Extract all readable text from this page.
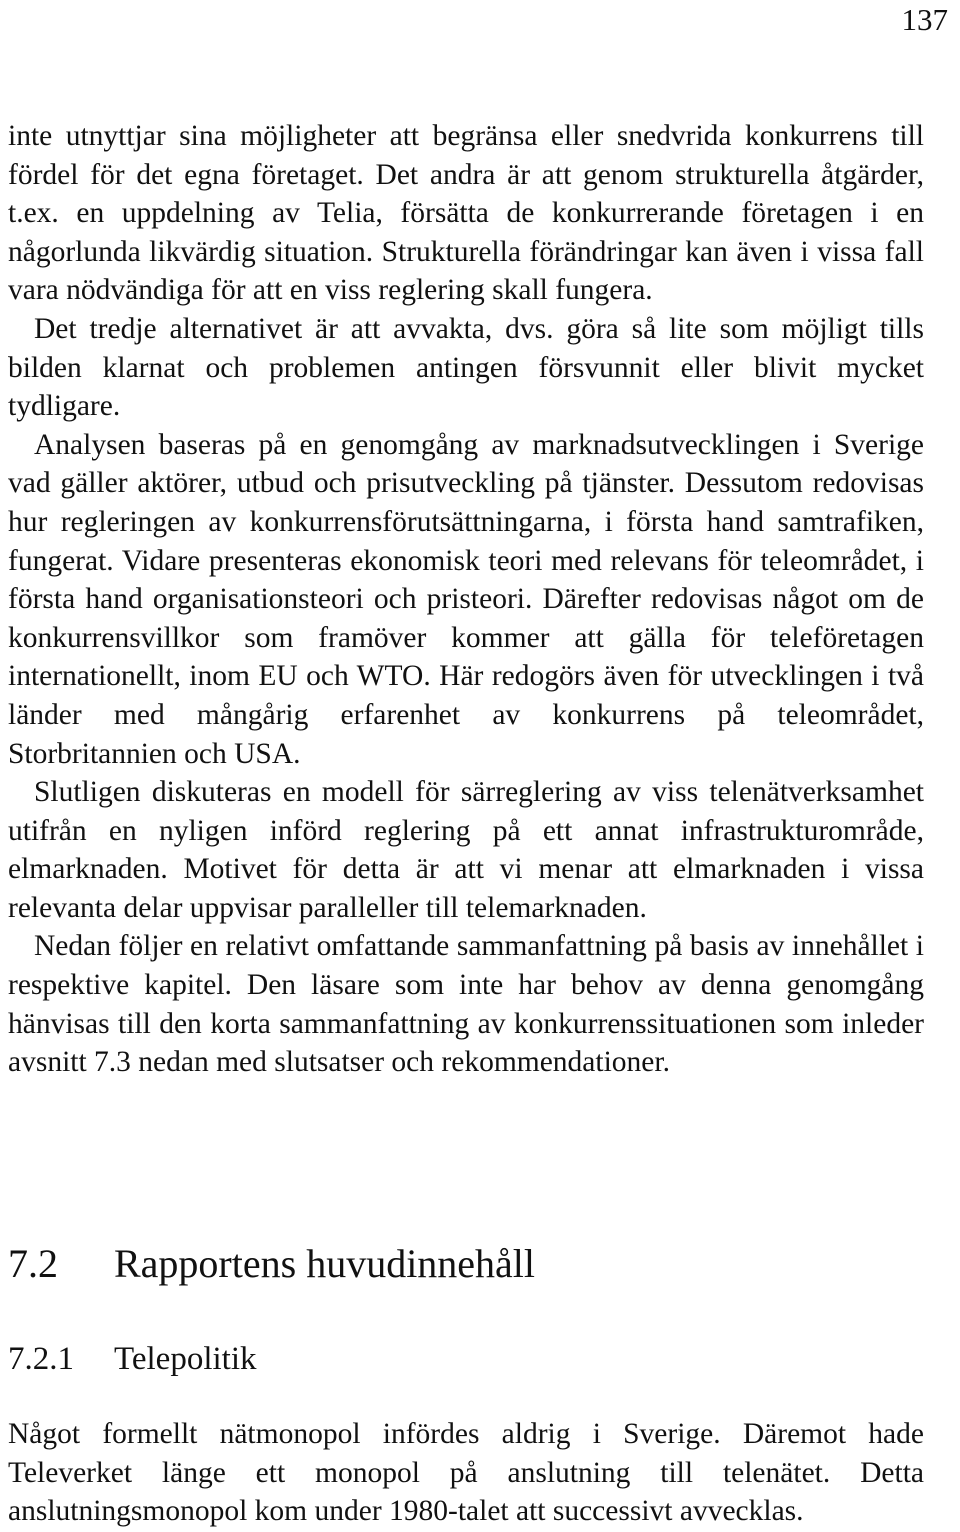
137

inte utnyttjar sina möjligheter att begränsa eller snedvrida konkurrens till fördel för det egna företaget. Det andra är att genom strukturella åtgärder, t.ex. en uppdelning av Telia, försätta de konkurrerande företagen i en någorlunda likvärdig situation. Strukturella förändringar kan även i vissa fall vara nödvändiga för att en viss reglering skall fungera.

Det tredje alternativet är att avvakta, dvs. göra så lite som möjligt tills bilden klarnat och problemen antingen försvunnit eller blivit mycket tydligare.

Analysen baseras på en genomgång av marknadsutvecklingen i Sverige vad gäller aktörer, utbud och prisutveckling på tjänster. Dessutom redovisas hur regleringen av konkurrensförutsättningarna, i första hand samtrafiken, fungerat. Vidare presenteras ekonomisk teori med relevans för teleområdet, i första hand organisationsteori och pristeori. Därefter redovisas något om de konkurrensvillkor som framöver kommer att gälla för teleföretagen internationellt, inom EU och WTO. Här redogörs även för utvecklingen i två länder med mångårig erfarenhet av konkurrens på teleområdet, Storbritannien och USA.

Slutligen diskuteras en modell för särreglering av viss telenätverksamhet utifrån en nyligen införd reglering på ett annat infrastrukturområde, elmarknaden. Motivet för detta är att vi menar att elmarknaden i vissa relevanta delar uppvisar paralleller till telemarknaden.

Nedan följer en relativt omfattande sammanfattning på basis av innehållet i respektive kapitel. Den läsare som inte har behov av denna genomgång hänvisas till den korta sammanfattning av konkurrenssituationen som inleder avsnitt 7.3 nedan med slutsatser och rekommendationer.

7.2 Rapportens huvudinnehåll
7.2.1 Telepolitik

Något formellt nätmonopol infördes aldrig i Sverige. Däremot hade Televerket länge ett monopol på anslutning till telenätet. Detta anslutningsmonopol kom under 1980-talet att successivt avvecklas.
